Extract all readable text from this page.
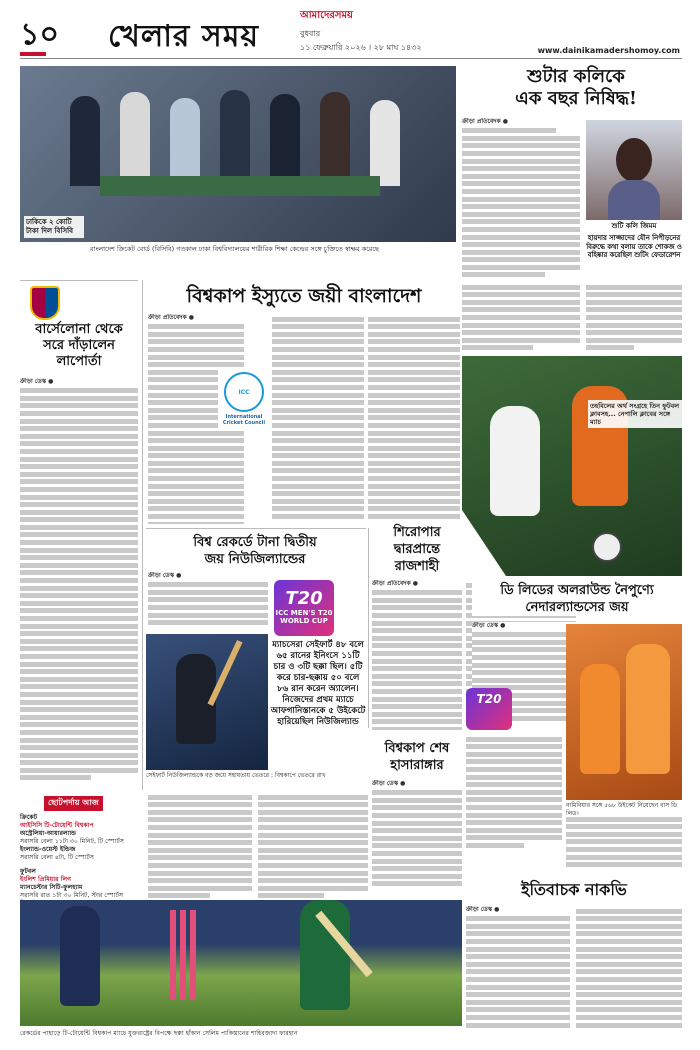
১০ খেলার সময়
আমাদেরসময়
বুধবার
১১ ফেব্রুয়ারি ২০২৬ । ২৮ মাঘ ১৪৩২	www.dainikamadershomoy.com
ঢাকিকে ২ কোটি টাকা দিল বিসিবি
বাংলাদেশ ক্রিকেট বোর্ড (বিসিবি) গতকাল ঢাকা বিশ্ববিদ্যালয়ের শারীরিক শিক্ষা কেন্দ্রের সঙ্গে চুক্তিতে স্বাক্ষর করেছে
শুটার কলিকে
এক বছর নিষিদ্ধ!
ক্রীড়া প্রতিবেদক ●
শুটি কলি জিমম
হায়দার সাজ্জাদের যৌন নিপীড়নের বিরুদ্ধে কথা বলায় তাকে শোকজ ও বহিষ্কার করেছিল শুটিং ফেডারেশন
বার্সেলোনা থেকে
সরে দাঁড়ালেন
লাপোর্তা
ক্রীড়া ডেস্ক ●
বিশ্বকাপ ইস্যুতে জয়ী বাংলাদেশ
ক্রীড়া প্রতিবেদক ●
ICC
International Cricket Council
তহবিলের অর্থ সংগ্রহে তিন ফুটবল ক্লাবসহ... নেপালি ক্লাবের সঙ্গে ম্যাচ
বিশ্ব রেকর্ডে টানা দ্বিতীয়
জয় নিউজিল্যান্ডের
ক্রীড়া ডেস্ক ●
T20
ICC MEN'S T20 WORLD CUP
ম্যাচসেরা সেইফার্ট ৪৮ বলে ৬৫ রানের ইনিংসে ১১টি চার ও ৩টি ছক্কা ছিল। ৫টি করে চার-ছক্কায় ৫০ বলে ৮৬ রান করেন অ্যালেন। নিজেদের প্রথম ম্যাচে আফগানিস্তানকে ৫ উইকেটে হারিয়েছিল নিউজিল্যান্ড
সেইফার্ট নিউজিল্যান্ডকে বড় জয়ে সহায়তায় ভেতরে : বিশ্বকাপে ভেতরে রাখ
শিরোপার
দ্বারপ্রান্তে
রাজশাহী
ক্রীড়া প্রতিবেদক ●	ডি লিডের অলরাউন্ড নৈপুণ্যে
নেদারল্যান্ডসের জয়
ক্রীড়া ডেস্ক ●
T20
নামিবিয়ার সঙ্গে ৫৬৮ উইকেট নিয়েছেন বাস ডি লিড।
বিশ্বকাপ শেষ
হাসারাঙ্গার
ক্রীড়া ডেস্ক ●
ছোটপর্দায় আজ
ক্রিকেট
আইসিসি টি-টোয়েন্টি বিশ্বকাপ
অস্ট্রেলিয়া-আয়ারল্যান্ড
সরাসরি বেলা ১১টা ৩০ মিনিট, টি স্পোর্টস
ইংল্যান্ড-ওয়েস্ট ইন্ডিজ
সরাসরি বেলা ৪টা, টি স্পোর্টস
ফুটবল
ইংলিশ প্রিমিয়ার লিগ
ম্যানচেস্টার সিটি-ফুলহ্যাম
সরাসরি রাত ১টা ৩০ মিনিট, স্টার স্পোর্টস	ইতিবাচক নাকভি
ক্রীড়া ডেস্ক ●
রেকর্ডের পাহাড়ে টি-টোয়েন্টি বিশ্বকাপ ম্যাচে যুক্তরাষ্ট্রের বিপক্ষে ছক্কা হাঁকান সেলিম পাকিস্তানের শাহিবজাদা ফারহান
